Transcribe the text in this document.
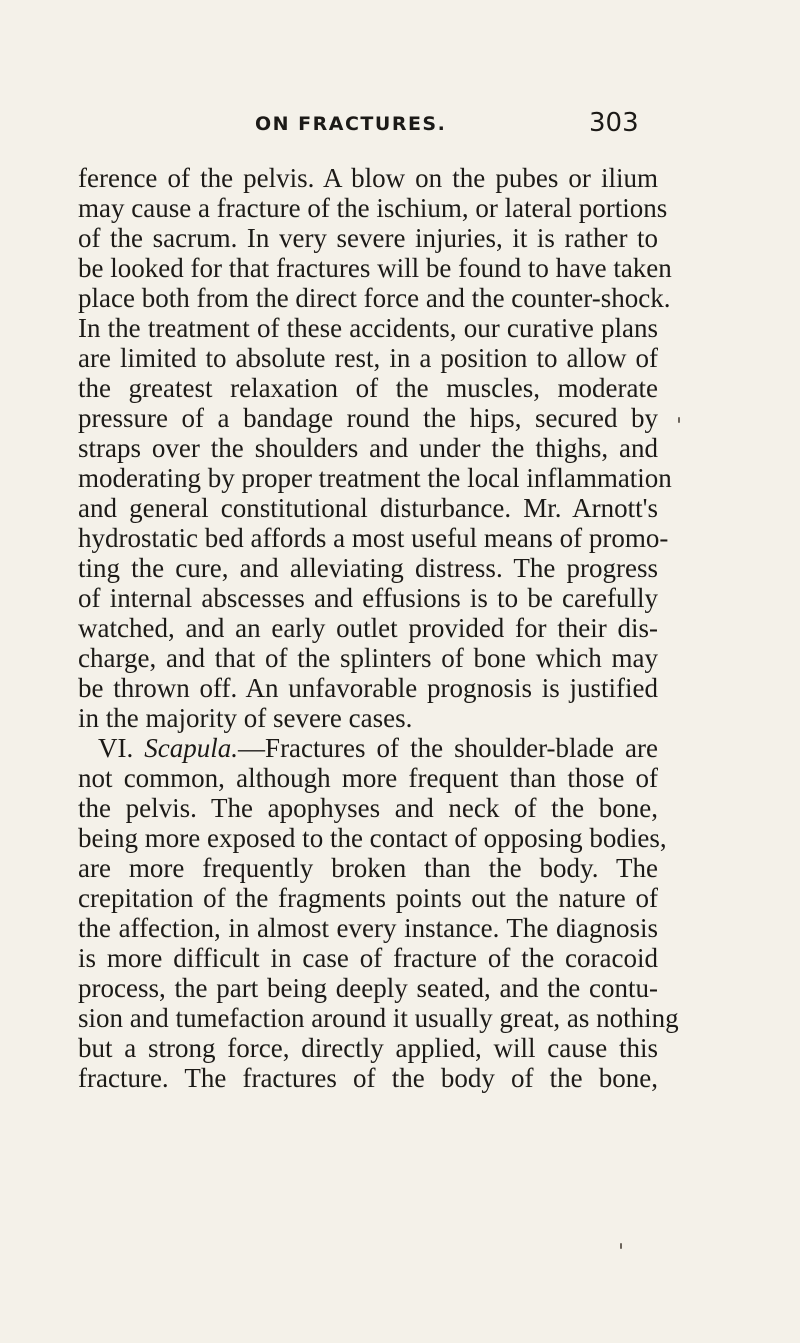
ON FRACTURES.	303
ference of the pelvis. A blow on the pubes or ilium
may cause a fracture of the ischium, or lateral portions
of the sacrum. In very severe injuries, it is rather to
be looked for that fractures will be found to have taken
place both from the direct force and the counter-shock.
In the treatment of these accidents, our curative plans
are limited to absolute rest, in a position to allow of
the greatest relaxation of the muscles, moderate
pressure of a bandage round the hips, secured by
straps over the shoulders and under the thighs, and
moderating by proper treatment the local inflammation
and general constitutional disturbance. Mr. Arnott's
hydrostatic bed affords a most useful means of promo-
ting the cure, and alleviating distress. The progress
of internal abscesses and effusions is to be carefully
watched, and an early outlet provided for their dis-
charge, and that of the splinters of bone which may
be thrown off. An unfavorable prognosis is justified
in the majority of severe cases.
VI. Scapula.—Fractures of the shoulder-blade are
not common, although more frequent than those of
the pelvis. The apophyses and neck of the bone,
being more exposed to the contact of opposing bodies,
are more frequently broken than the body. The
crepitation of the fragments points out the nature of
the affection, in almost every instance. The diagnosis
is more difficult in case of fracture of the coracoid
process, the part being deeply seated, and the contu-
sion and tumefaction around it usually great, as nothing
but a strong force, directly applied, will cause this
fracture. The fractures of the body of the bone,
